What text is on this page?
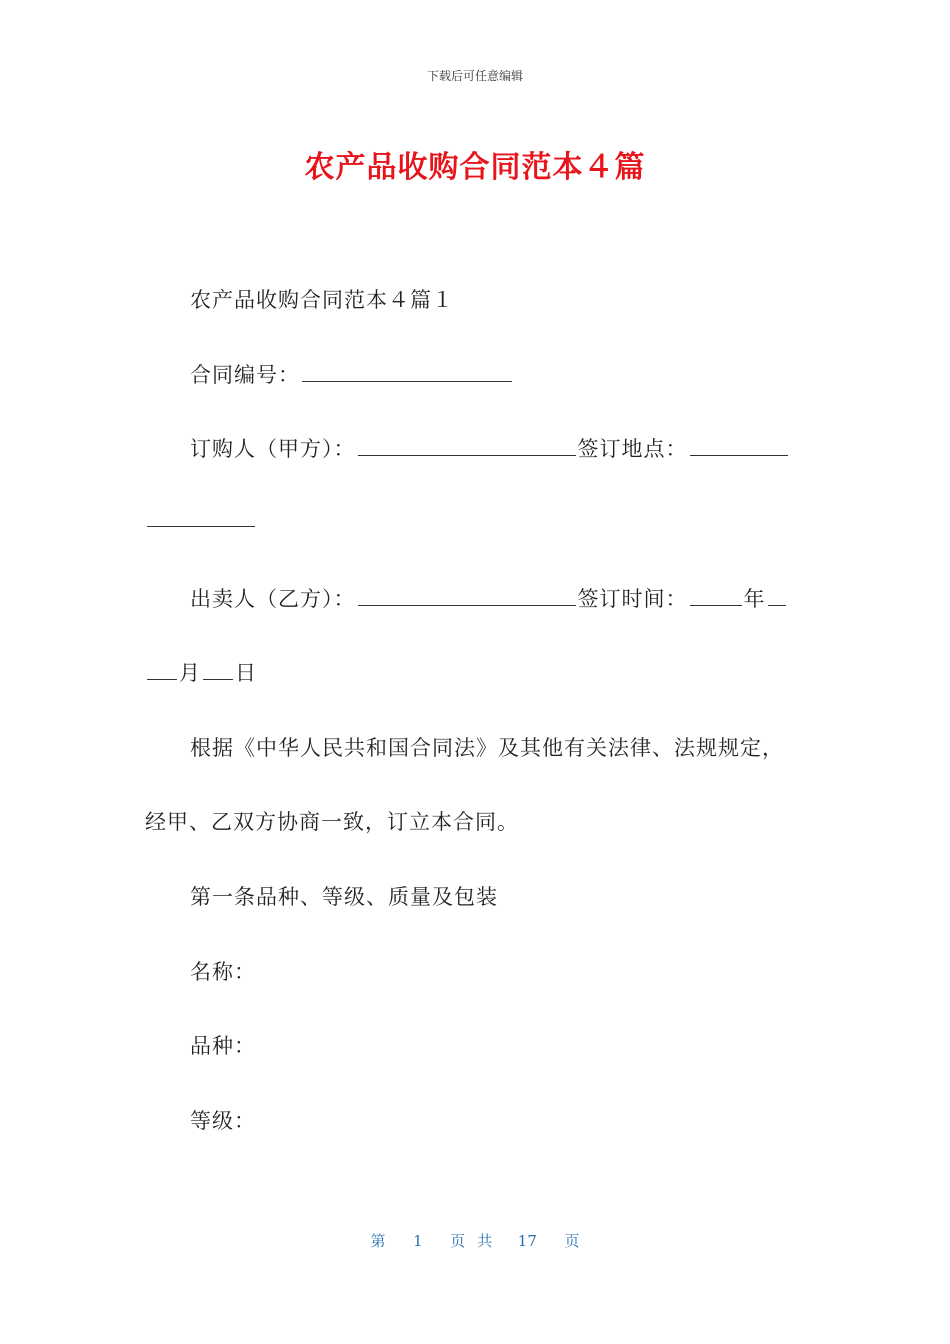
下载后可任意编辑
农产品收购合同范本４篇
农产品收购合同范本４篇１
合同编号：
订购人（甲方）：	签订地点：
出卖人（乙方）：	签订时间：	年
月 日
根据《中华人民共和国合同法》及其他有关法律、法规规定，
经甲、乙双方协商一致，订立本合同。
第一条品种、等级、质量及包装
名称：
品种：
等级：
第 1 页共 17 页
